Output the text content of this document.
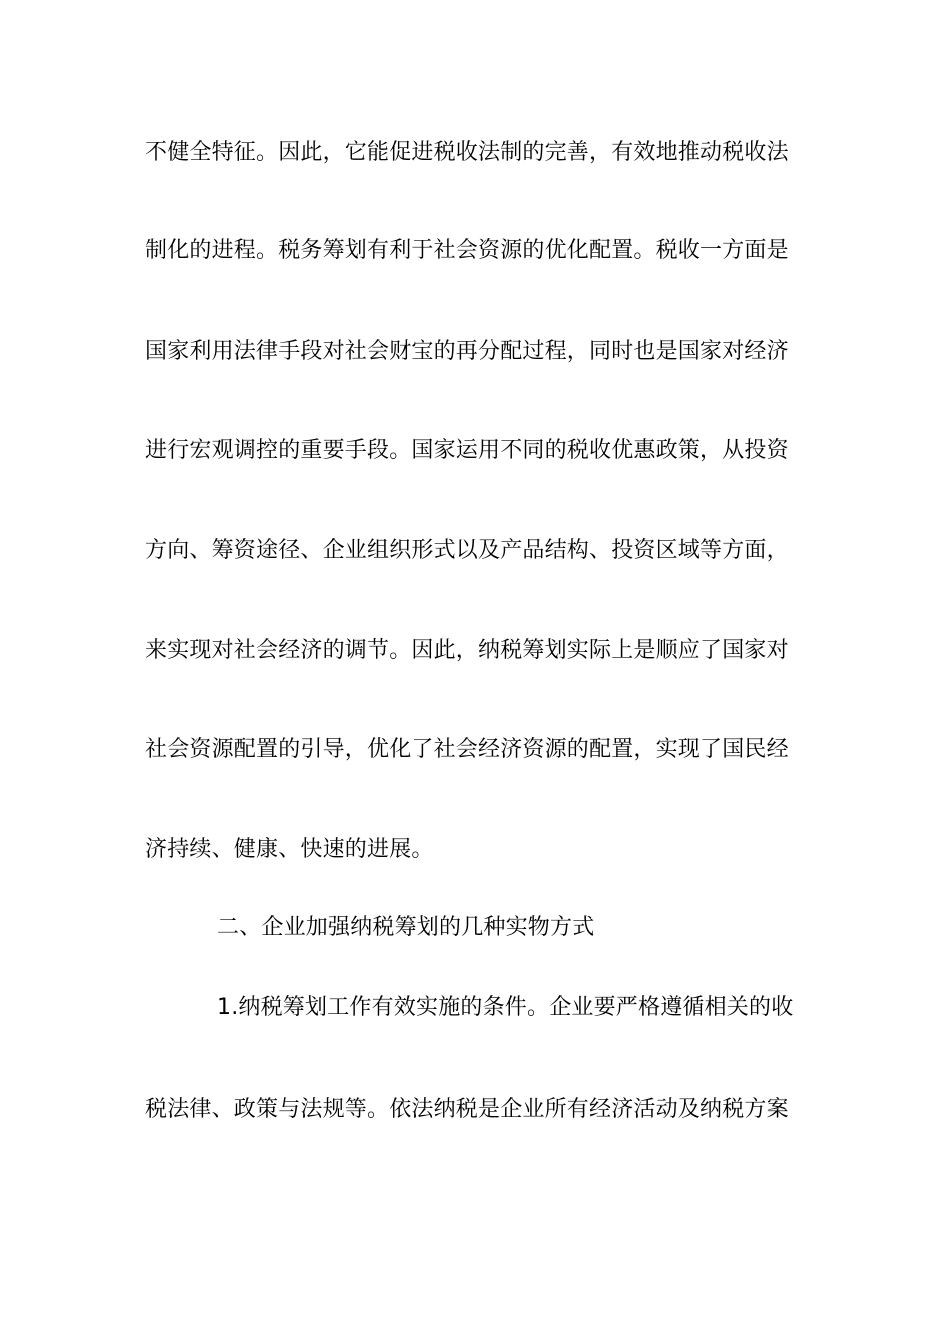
不健全特征。因此，它能促进税收法制的完善，有效地推动税收法
制化的进程。税务筹划有利于社会资源的优化配置。税收一方面是
国家利用法律手段对社会财宝的再分配过程，同时也是国家对经济
进行宏观调控的重要手段。国家运用不同的税收优惠政策，从投资
方向、筹资途径、企业组织形式以及产品结构、投资区域等方面，
来实现对社会经济的调节。因此，纳税筹划实际上是顺应了国家对
社会资源配置的引导，优化了社会经济资源的配置，实现了国民经
济持续、健康、快速的进展。
二、企业加强纳税筹划的几种实物方式
1.纳税筹划工作有效实施的条件。企业要严格遵循相关的收
税法律、政策与法规等。依法纳税是企业所有经济活动及纳税方案
